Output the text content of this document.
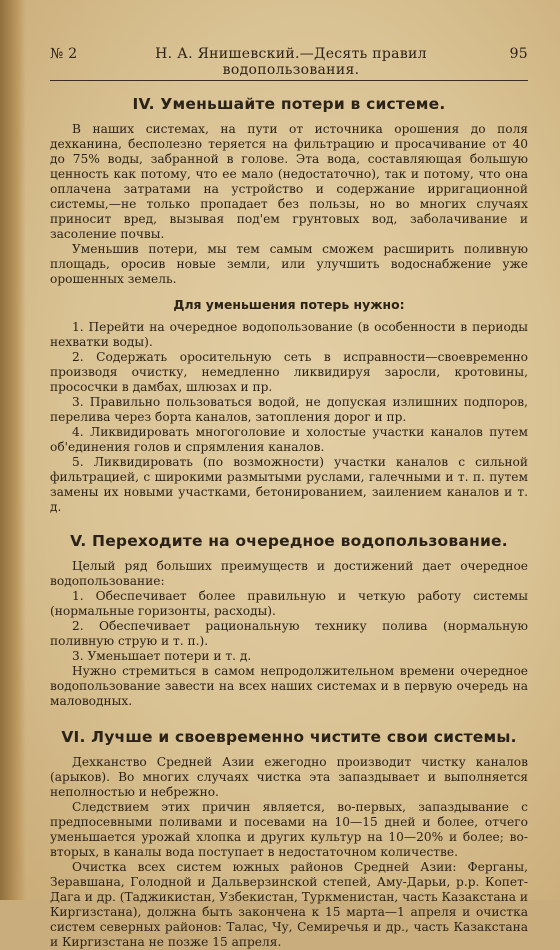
№ 2	Н. А. Янишевский.—Десять правил водопользования.
95
IV. Уменьшайте потери в системе.

В наших системах, на пути от источника орошения до поля дехканина, бесполезно теряется на фильтрацию и просачивание от 40 до 75% воды, забранной в голове. Эта вода, составляющая большую ценность как потому, что ее мало (недостаточно), так и потому, что она оплачена затратами на устройство и содержание ирригационной системы,—не только пропадает без пользы, но во многих случаях приносит вред, вызывая под'ем грунтовых вод, заболачивание и засоление почвы.

Уменьшив потери, мы тем самым сможем расширить поливную площадь, оросив новые земли, или улучшить водоснабжение уже орошенных земель.

Для уменьшения потерь нужно:

1. Перейти на очередное водопользование (в особенности в периоды нехватки воды).

2. Содержать оросительную сеть в исправности—своевременно производя очистку, немедленно ликвидируя заросли, кротовины, прососчки в дамбах, шлюзах и пр.

3. Правильно пользоваться водой, не допуская излишних подпоров, перелива через борта каналов, затопления дорог и пр.

4. Ликвидировать многоголовие и холостые участки каналов путем об'единения голов и спрямления каналов.

5. Ликвидировать (по возможности) участки каналов с сильной фильтрацией, с широкими размытыми руслами, галечными и т. п. путем замены их новыми участками, бетонированием, заилением каналов и т. д.

V. Переходите на очередное водопользование.

Целый ряд больших преимуществ и достижений дает очередное водопользование:

1. Обеспечивает более правильную и четкую работу системы (нормальные горизонты, расходы).

2. Обеспечивает рациональную технику полива (нормальную поливную струю и т. п.).

3. Уменьшает потери и т. д.

Нужно стремиться в самом непродолжительном времени очередное водопользование завести на всех наших системах и в первую очередь на маловодных.

VI. Лучше и своевременно чистите свои системы.

Дехканство Средней Азии ежегодно производит чистку каналов (арыков). Во многих случаях чистка эта запаздывает и выполняется неполностью и небрежно.

Следствием этих причин является, во-первых, запаздывание с предпосевными поливами и посевами на 10—15 дней и более, отчего уменьшается урожай хлопка и других культур на 10—20% и более; во-вторых, в каналы вода поступает в недостаточном количестве.

Очистка всех систем южных районов Средней Азии: Ферганы, Зеравшана, Голодной и Дальверзинской степей, Аму-Дарьи, р.р. Копет-Дага и др. (Таджикистан, Узбекистан, Туркменистан, часть Казакстана и Киргизстана), должна быть закончена к 15 марта—1 апреля и очистка систем северных районов: Талас, Чу, Семиречья и др., часть Казакстана и Киргизстана не позже 15 апреля.
